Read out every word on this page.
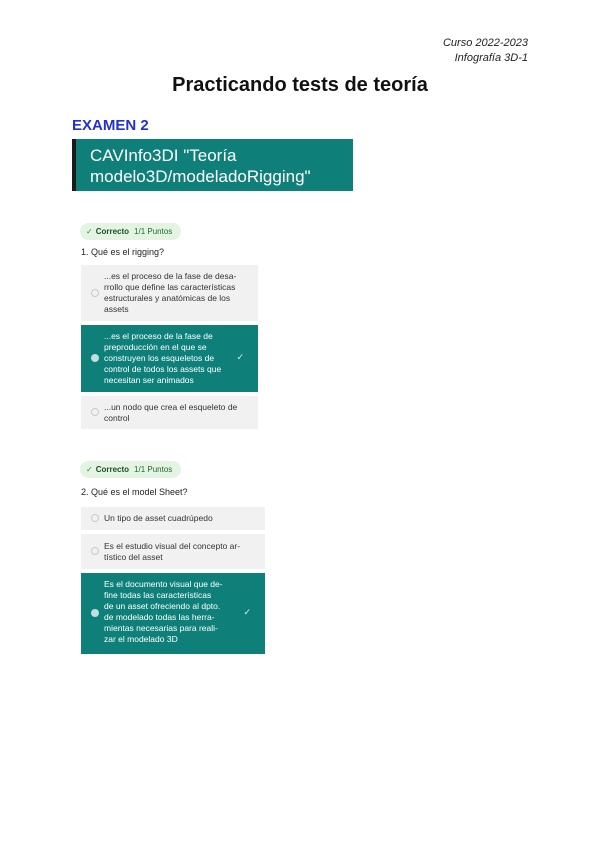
Curso 2022-2023
Infografía 3D-1
Practicando tests de teoría
EXAMEN 2
CAVInfo3DI "Teoría
modelo3D/modeladoRigging"
✓ Correcto 1/1 Puntos
1. Qué es el rigging?
...es el proceso de la fase de desa-
rrollo que define las características
estructurales y anatómicas de los
assets
...es el proceso de la fase de
preproducción en el que se
construyen los esqueletos de
control de todos los assets que
necesitan ser animados
✓
...un nodo que crea el esqueleto de
control
✓ Correcto 1/1 Puntos
2. Qué es el model Sheet?
Un tipo de asset cuadrúpedo
Es el estudio visual del concepto ar-
tístico del asset
Es el documento visual que de-
fine todas las características
de un asset ofreciendo al dpto.
de modelado todas las herra-
mientas necesarias para reali-
zar el modelado 3D
✓
